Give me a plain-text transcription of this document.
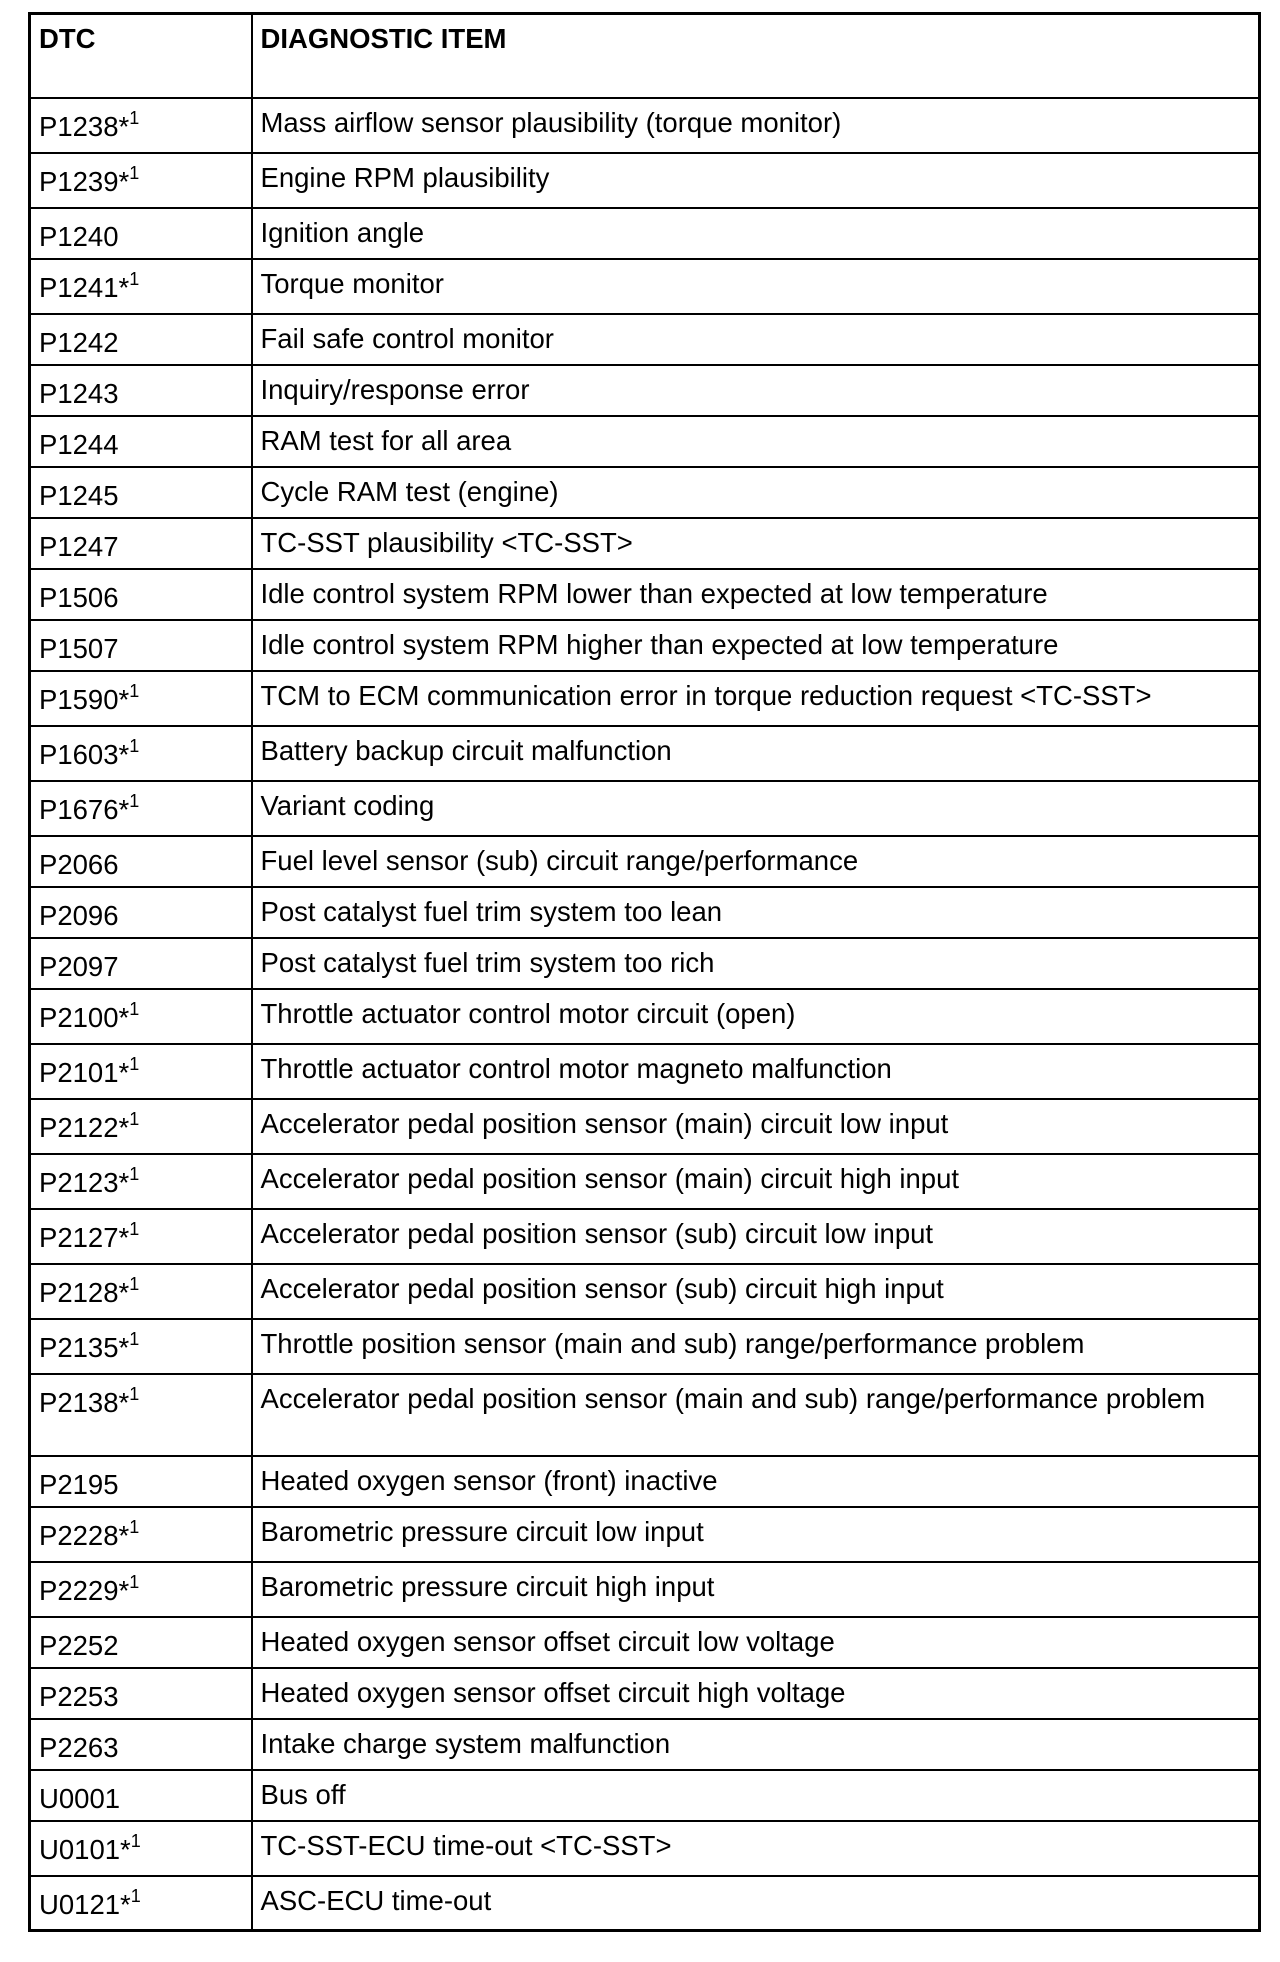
DTC	DIAGNOSTIC ITEM
P1238*$^1$	Mass airflow sensor plausibility (torque monitor)
P1239*$^1$	Engine RPM plausibility
P1240	Ignition angle
P1241*$^1$	Torque monitor
P1242	Fail safe control monitor
P1243	Inquiry/response error
P1244	RAM test for all area
P1245	Cycle RAM test (engine)
P1247	TC-SST plausibility <TC-SST>
P1506	Idle control system RPM lower than expected at low temperature
P1507	Idle control system RPM higher than expected at low temperature
P1590*$^1$	TCM to ECM communication error in torque reduction request <TC-SST>
P1603*$^1$	Battery backup circuit malfunction
P1676*$^1$	Variant coding
P2066	Fuel level sensor (sub) circuit range/performance
P2096	Post catalyst fuel trim system too lean
P2097	Post catalyst fuel trim system too rich
P2100*$^1$	Throttle actuator control motor circuit (open)
P2101*$^1$	Throttle actuator control motor magneto malfunction
P2122*$^1$	Accelerator pedal position sensor (main) circuit low input
P2123*$^1$	Accelerator pedal position sensor (main) circuit high input
P2127*$^1$	Accelerator pedal position sensor (sub) circuit low input
P2128*$^1$	Accelerator pedal position sensor (sub) circuit high input
P2135*$^1$	Throttle position sensor (main and sub) range/performance problem
P2138*$^1$	Accelerator pedal position sensor (main and sub) range/performance problem
P2195	Heated oxygen sensor (front) inactive
P2228*$^1$	Barometric pressure circuit low input
P2229*$^1$	Barometric pressure circuit high input
P2252	Heated oxygen sensor offset circuit low voltage
P2253	Heated oxygen sensor offset circuit high voltage
P2263	Intake charge system malfunction
U0001	Bus off
U0101*$^1$	TC-SST-ECU time-out <TC-SST>
U0121*$^1$	ASC-ECU time-out
